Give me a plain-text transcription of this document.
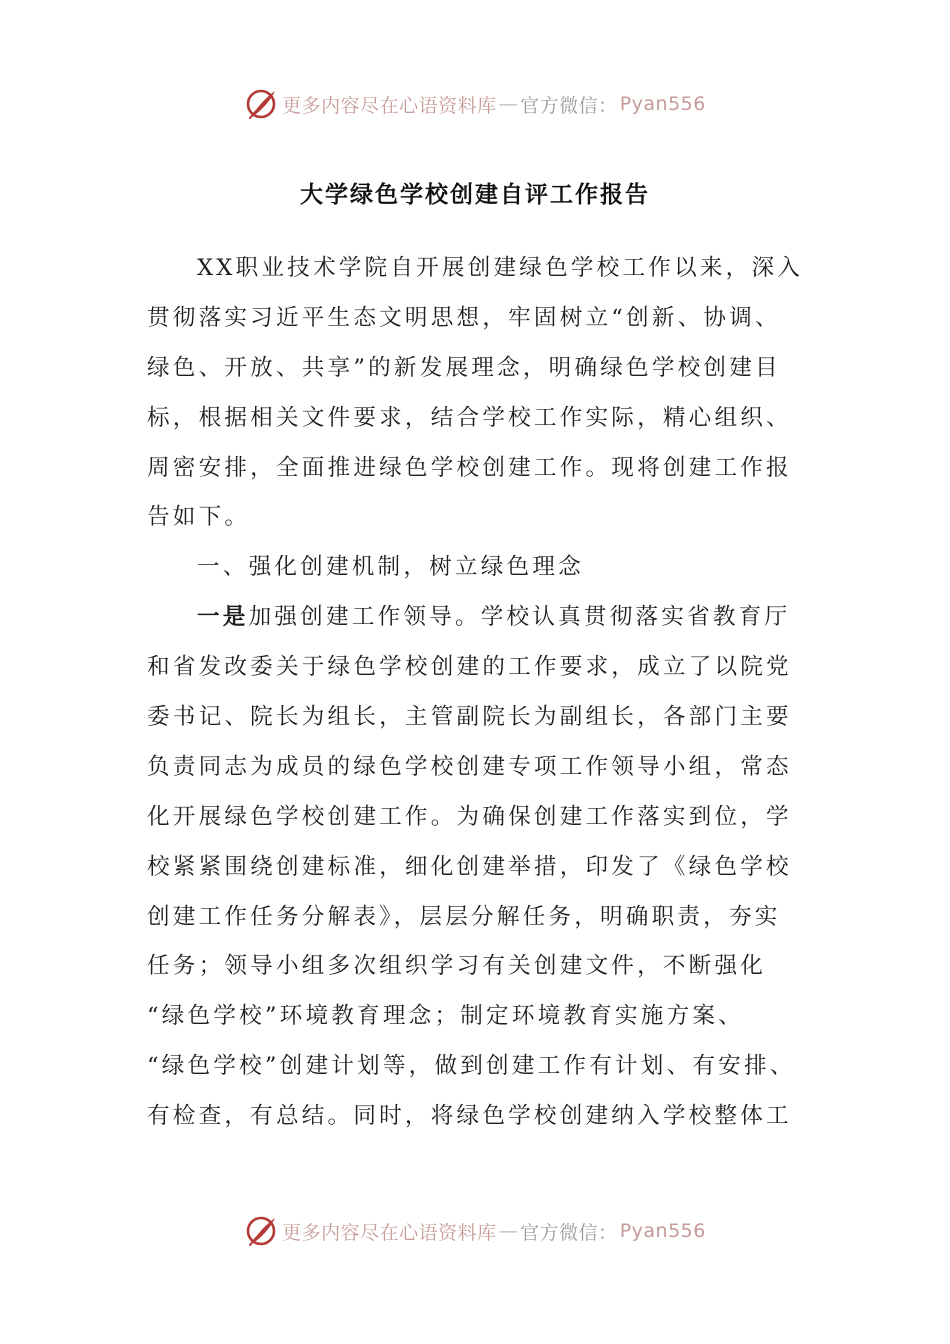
更多内容尽在心语资料库 — 官方微信： Pyan556
大学绿色学校创建自评工作报告
XX职业技术学院自开展创建绿色学校工作以来，深入
贯彻落实习近平生态文明思想，牢固树立“创新、协调、
绿色、开放、共享”的新发展理念，明确绿色学校创建目
标，根据相关文件要求，结合学校工作实际，精心组织、
周密安排，全面推进绿色学校创建工作。现将创建工作报
告如下。
一、强化创建机制，树立绿色理念
一是加强创建工作领导。学校认真贯彻落实省教育厅
和省发改委关于绿色学校创建的工作要求，成立了以院党
委书记、院长为组长，主管副院长为副组长，各部门主要
负责同志为成员的绿色学校创建专项工作领导小组，常态
化开展绿色学校创建工作。为确保创建工作落实到位，学
校紧紧围绕创建标准，细化创建举措，印发了《绿色学校
创建工作任务分解表》，层层分解任务，明确职责，夯实
任务；领导小组多次组织学习有关创建文件，不断强化
“绿色学校”环境教育理念；制定环境教育实施方案、
“绿色学校”创建计划等，做到创建工作有计划、有安排、
有检查，有总结。同时，将绿色学校创建纳入学校整体工
更多内容尽在心语资料库 — 官方微信： Pyan556
